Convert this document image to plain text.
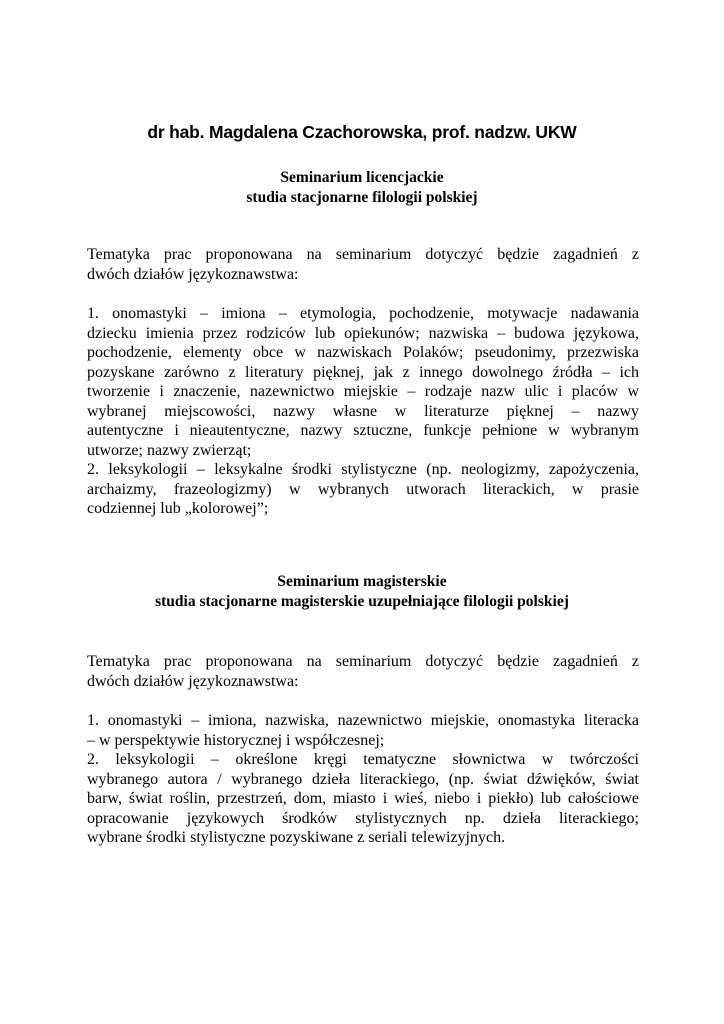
dr hab. Magdalena Czachorowska, prof. nadzw. UKW
Seminarium licencjackie
studia stacjonarne filologii polskiej
Tematyka prac proponowana na seminarium dotyczyć będzie zagadnień z
dwóch działów językoznawstwa:
1. onomastyki – imiona – etymologia, pochodzenie, motywacje nadawania
dziecku imienia przez rodziców lub opiekunów; nazwiska – budowa językowa,
pochodzenie, elementy obce w nazwiskach Polaków; pseudonimy, przezwiska
pozyskane zarówno z literatury pięknej, jak z innego dowolnego źródła – ich
tworzenie i znaczenie, nazewnictwo miejskie – rodzaje nazw ulic i placów w
wybranej miejscowości, nazwy własne w literaturze pięknej – nazwy
autentyczne i nieautentyczne, nazwy sztuczne, funkcje pełnione w wybranym
utworze; nazwy zwierząt;
2. leksykologii – leksykalne środki stylistyczne (np. neologizmy, zapożyczenia,
archaizmy, frazeologizmy) w wybranych utworach literackich, w prasie
codziennej lub „kolorowej”;
Seminarium magisterskie
studia stacjonarne magisterskie uzupełniające filologii polskiej
Tematyka prac proponowana na seminarium dotyczyć będzie zagadnień z
dwóch działów językoznawstwa:
1. onomastyki – imiona, nazwiska, nazewnictwo miejskie, onomastyka literacka
– w perspektywie historycznej i współczesnej;
2. leksykologii – określone kręgi tematyczne słownictwa w twórczości
wybranego autora / wybranego dzieła literackiego, (np. świat dźwięków, świat
barw, świat roślin, przestrzeń, dom, miasto i wieś, niebo i piekło) lub całościowe
opracowanie językowych środków stylistycznych np. dzieła literackiego;
wybrane środki stylistyczne pozyskiwane z seriali telewizyjnych.
